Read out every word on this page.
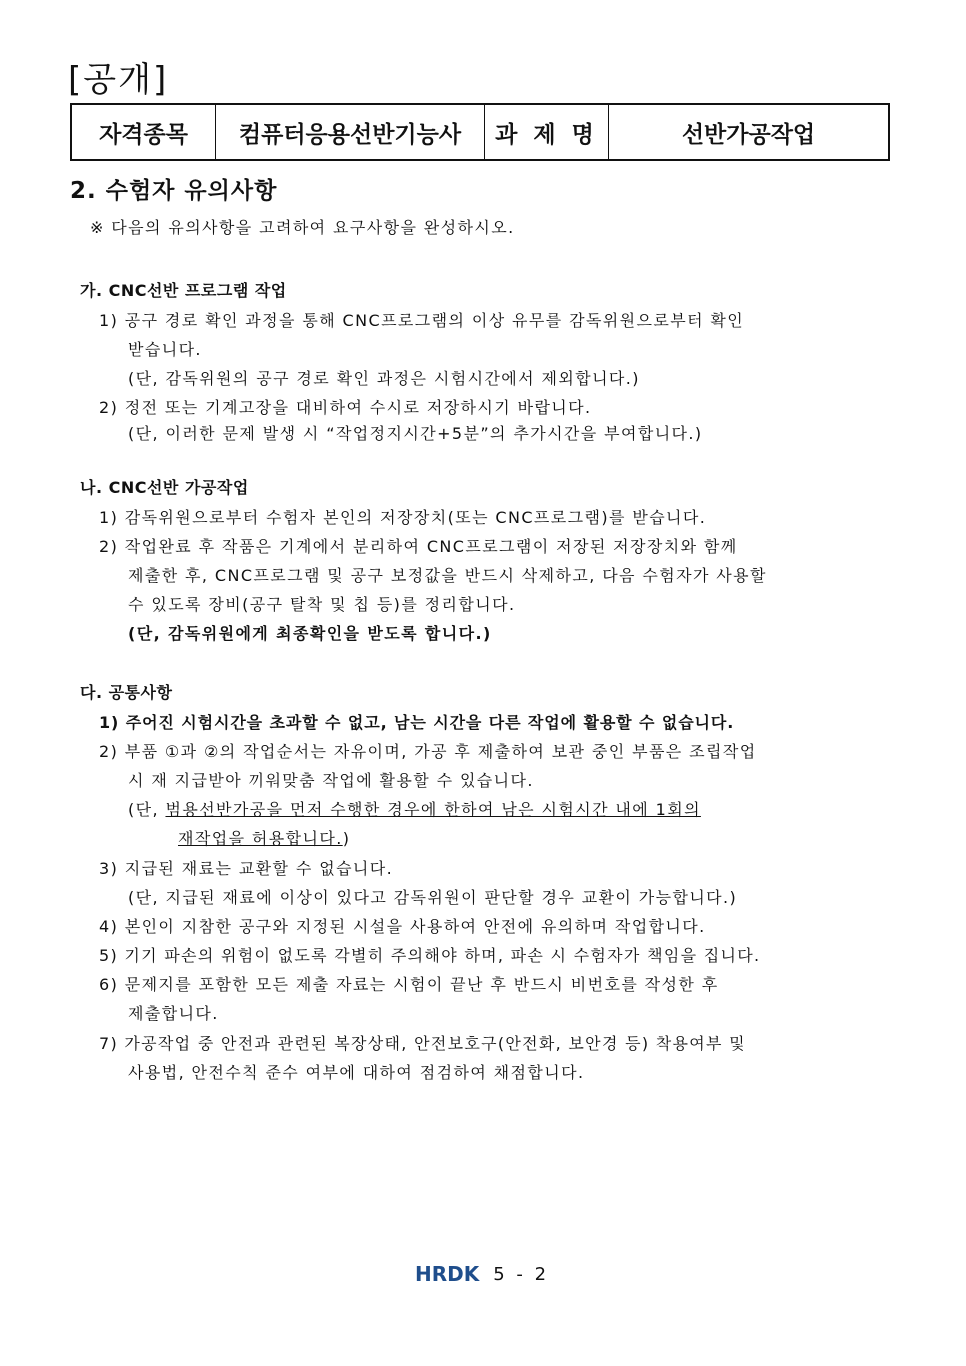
[공개]
자격종목	컴퓨터응용선반기능사	과 제 명	선반가공작업
2. 수험자 유의사항
※ 다음의 유의사항을 고려하여 요구사항을 완성하시오.
가. CNC선반 프로그램 작업
1) 공구 경로 확인 과정을 통해 CNC프로그램의 이상 유무를 감독위원으로부터 확인
받습니다.
(단, 감독위원의 공구 경로 확인 과정은 시험시간에서 제외합니다.)
2) 정전 또는 기계고장을 대비하여 수시로 저장하시기 바랍니다.
(단, 이러한 문제 발생 시 “작업정지시간+5분”의 추가시간을 부여합니다.)
나. CNC선반 가공작업
1) 감독위원으로부터 수험자 본인의 저장장치(또는 CNC프로그램)를 받습니다.
2) 작업완료 후 작품은 기계에서 분리하여 CNC프로그램이 저장된 저장장치와 함께
제출한 후, CNC프로그램 및 공구 보정값을 반드시 삭제하고, 다음 수험자가 사용할
수 있도록 장비(공구 탈착 및 칩 등)를 정리합니다.
(단, 감독위원에게 최종확인을 받도록 합니다.)
다. 공통사항
1) 주어진 시험시간을 초과할 수 없고, 남는 시간을 다른 작업에 활용할 수 없습니다.
2) 부품 ①과 ②의 작업순서는 자유이며, 가공 후 제출하여 보관 중인 부품은 조립작업
시 재 지급받아 끼워맞춤 작업에 활용할 수 있습니다.
(단, 범용선반가공을 먼저 수행한 경우에 한하여 남은 시험시간 내에 1회의
재작업을 허용합니다.)
3) 지급된 재료는 교환할 수 없습니다.
(단, 지급된 재료에 이상이 있다고 감독위원이 판단할 경우 교환이 가능합니다.)
4) 본인이 지참한 공구와 지정된 시설을 사용하여 안전에 유의하며 작업합니다.
5) 기기 파손의 위험이 없도록 각별히 주의해야 하며, 파손 시 수험자가 책임을 집니다.
6) 문제지를 포함한 모든 제출 자료는 시험이 끝난 후 반드시 비번호를 작성한 후
제출합니다.
7) 가공작업 중 안전과 관련된 복장상태, 안전보호구(안전화, 보안경 등) 착용여부 및
사용법, 안전수칙 준수 여부에 대하여 점검하여 채점합니다.
HRDK 5 - 2
